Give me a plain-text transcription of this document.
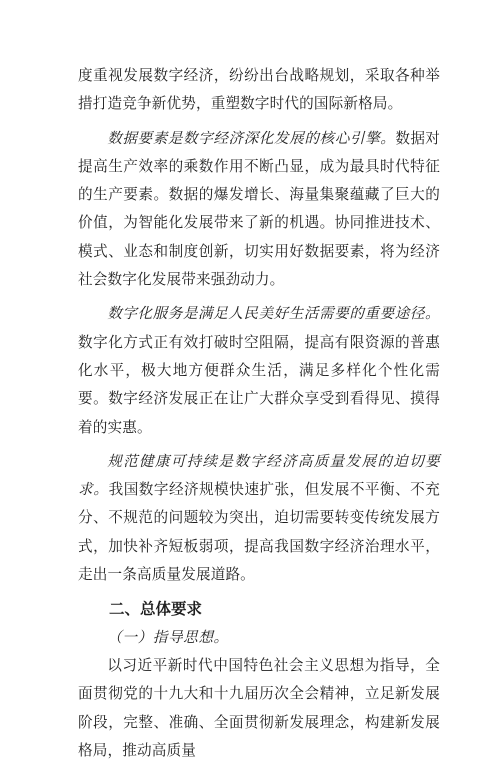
度重视发展数字经济，纷纷出台战略规划，采取各种举措打造竞争新优势，重塑数字时代的国际新格局。

数据要素是数字经济深化发展的核心引擎。数据对提高生产效率的乘数作用不断凸显，成为最具时代特征的生产要素。数据的爆发增长、海量集聚蕴藏了巨大的价值，为智能化发展带来了新的机遇。协同推进技术、模式、业态和制度创新，切实用好数据要素，将为经济社会数字化发展带来强劲动力。

数字化服务是满足人民美好生活需要的重要途径。数字化方式正有效打破时空阻隔，提高有限资源的普惠化水平，极大地方便群众生活，满足多样化个性化需要。数字经济发展正在让广大群众享受到看得见、摸得着的实惠。

规范健康可持续是数字经济高质量发展的迫切要求。我国数字经济规模快速扩张，但发展不平衡、不充分、不规范的问题较为突出，迫切需要转变传统发展方式，加快补齐短板弱项，提高我国数字经济治理水平，走出一条高质量发展道路。

二、总体要求

（一）指导思想。

以习近平新时代中国特色社会主义思想为指导，全面贯彻党的十九大和十九届历次全会精神，立足新发展阶段，完整、准确、全面贯彻新发展理念，构建新发展格局，推动高质量
